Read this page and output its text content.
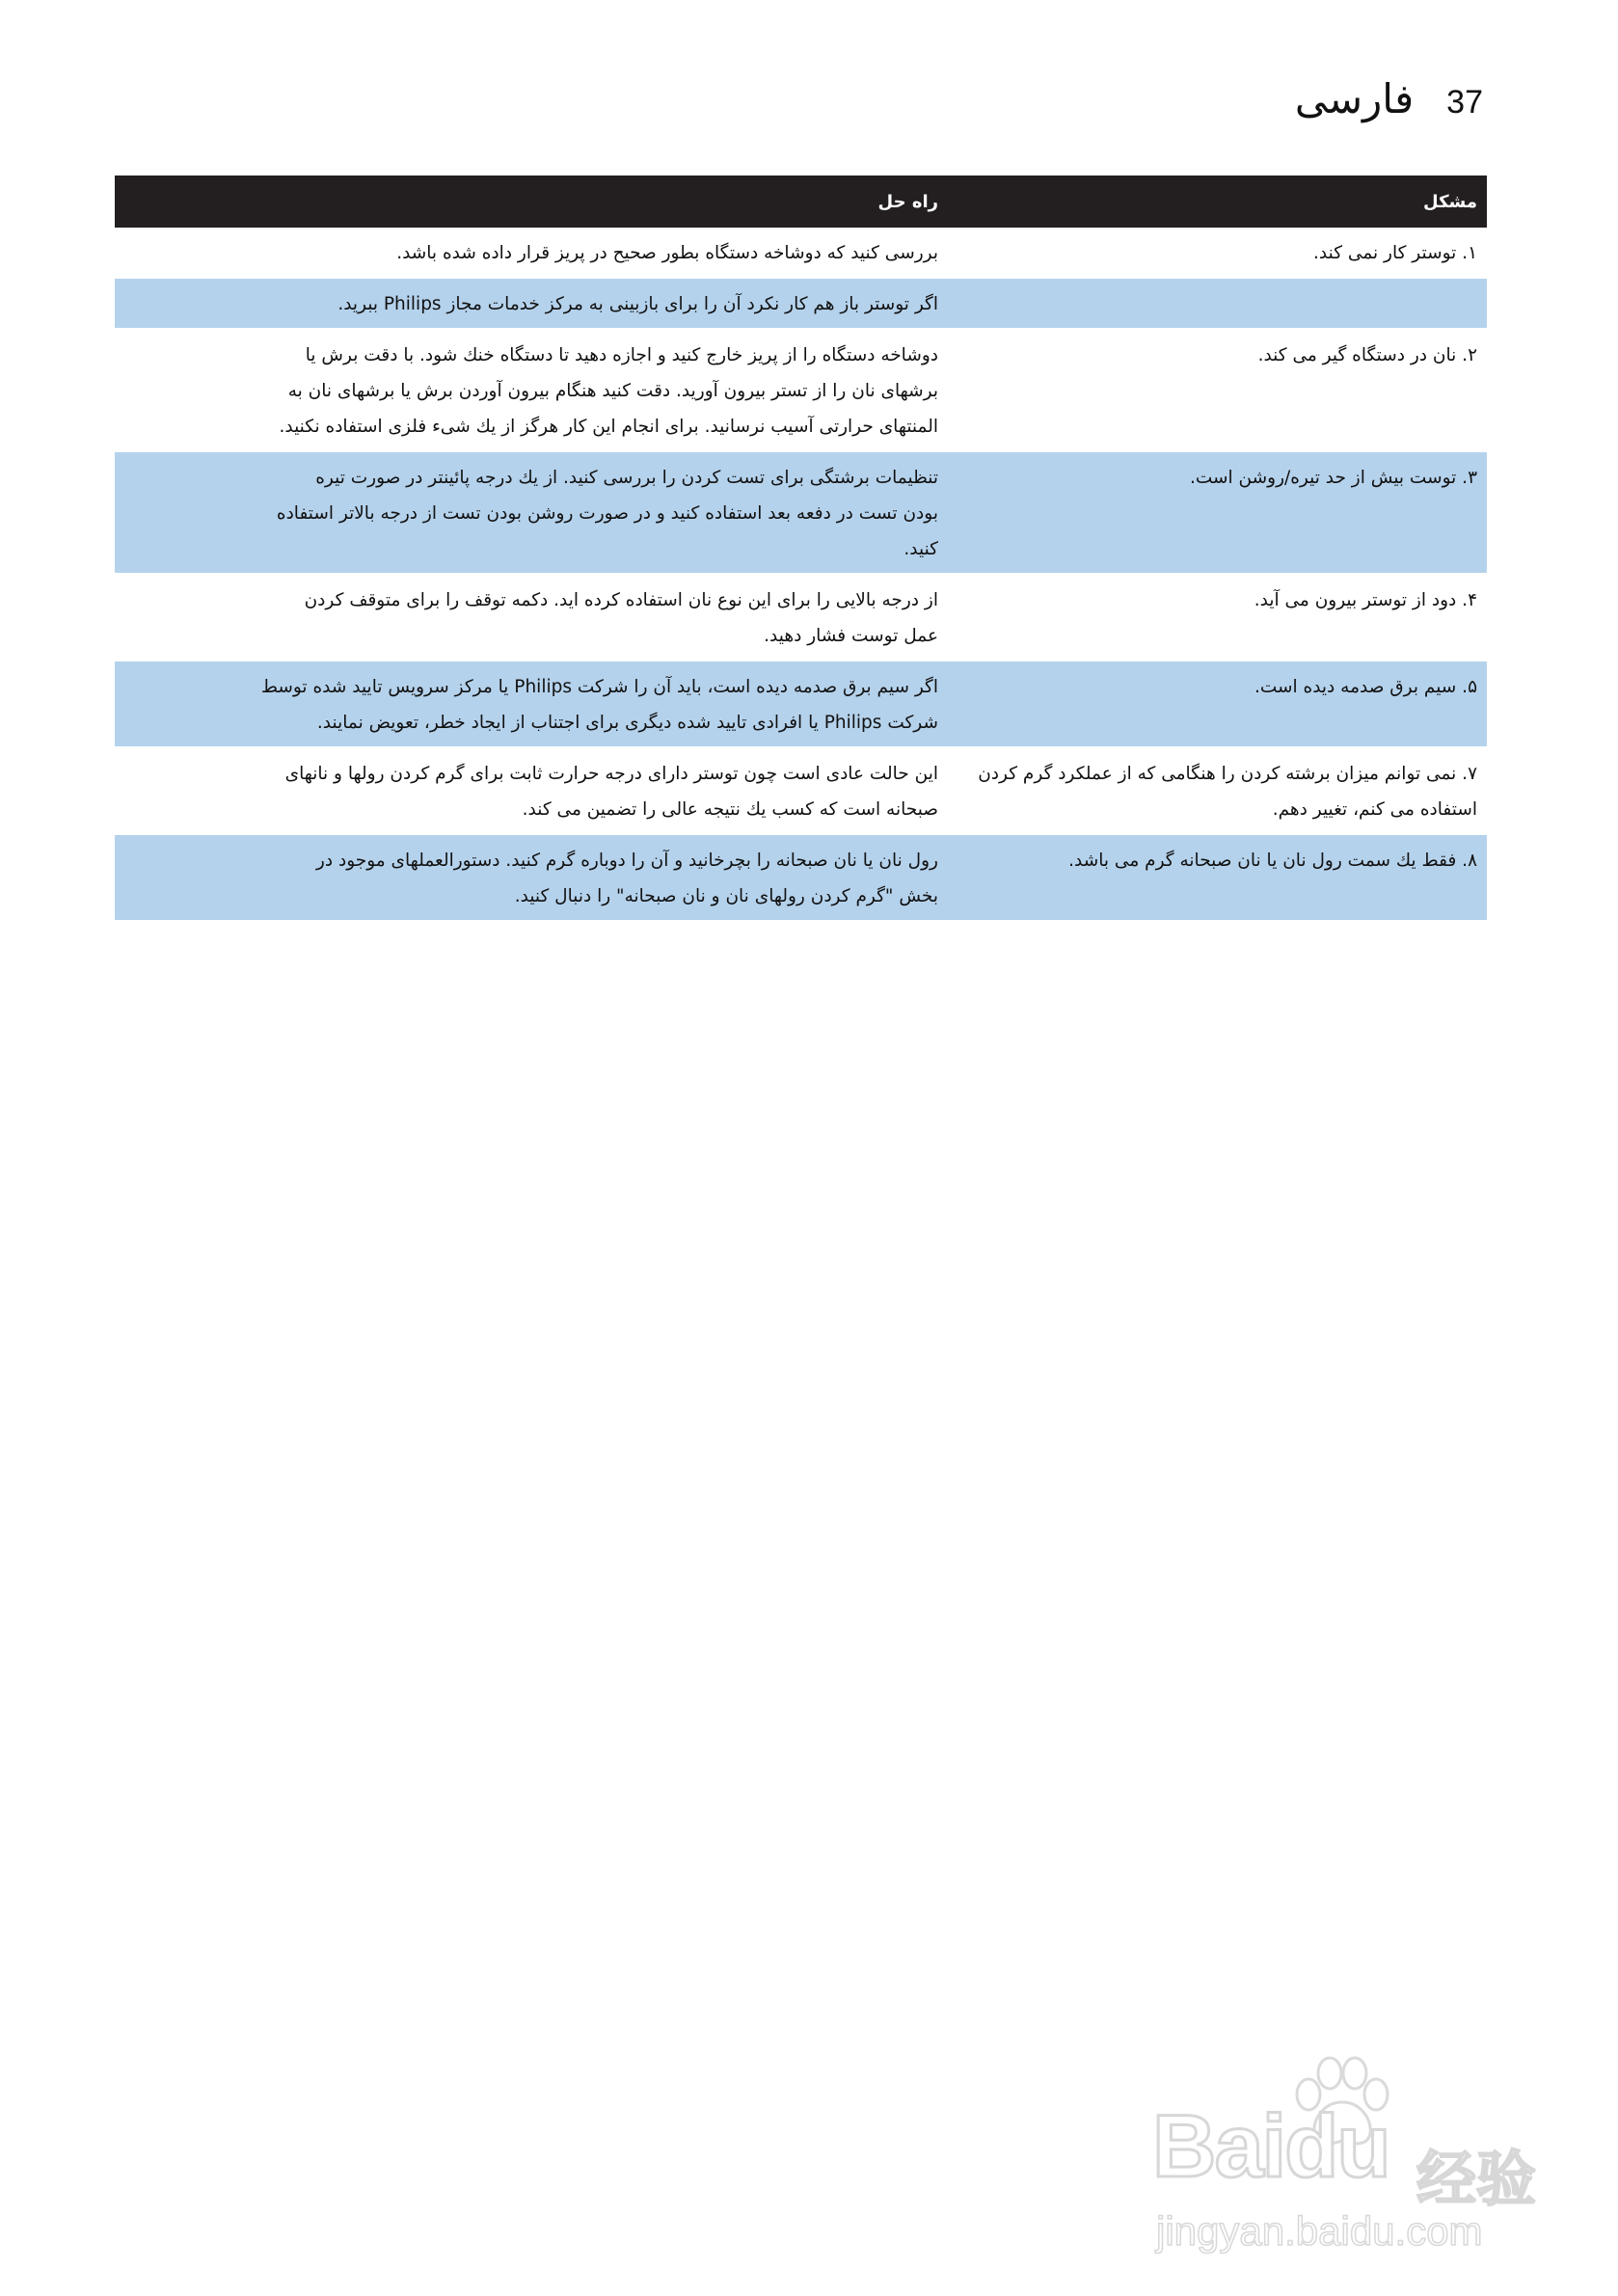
37
فارسی
مشکل
راه حل
۱. توستر کار نمی کند.
بررسی کنید که دوشاخه دستگاه بطور صحیح در پریز قرار داده شده باشد.
اگر توستر باز هم کار نکرد آن را برای بازبینی به مرکز خدمات مجاز Philips ببرید.
۲. نان در دستگاه گیر می کند.
دوشاخه دستگاه را از پریز خارج کنید و اجازه دهید تا دستگاه خنك شود. با دقت برش یا
برشهای نان را از تستر بیرون آورید. دقت کنید هنگام بیرون آوردن برش یا برشهای نان به
المنتهای حرارتی آسیب نرسانید. برای انجام این کار هرگز از یك شیء فلزی استفاده نکنید.
۳. توست بیش از حد تیره/روشن است.
تنظیمات برشتگی برای تست کردن را بررسی کنید. از یك درجه پائینتر در صورت تیره
بودن تست در دفعه بعد استفاده کنید و در صورت روشن بودن تست از درجه بالاتر استفاده
کنید.
۴. دود از توستر بیرون می آید.
از درجه بالایی را برای این نوع نان استفاده کرده اید. دکمه توقف را برای متوقف کردن
عمل توست فشار دهید.
۵. سیم برق صدمه دیده است.
اگر سیم برق صدمه دیده است، باید آن را شرکت Philips یا مرکز سرویس تایید شده توسط
شرکت Philips یا افرادی تایید شده دیگری برای اجتناب از ایجاد خطر، تعویض نمایند.
۷. نمی توانم میزان برشته کردن را هنگامی که از عملکرد گرم کردن استفاده می کنم، تغییر دهم.
این حالت عادی است چون توستر دارای درجه حرارت ثابت برای گرم کردن رولها و نانهای
صبحانه است که کسب یك نتیجه عالی را تضمین می کند.
۸. فقط یك سمت رول نان یا نان صبحانه گرم می باشد.
رول نان یا نان صبحانه را بچرخانید و آن را دوباره گرم کنید. دستورالعملهای موجود در
بخش "گرم کردن رولهای نان و نان صبحانه" را دنبال کنید.
Baidu 经验
jingyan.baidu.com
